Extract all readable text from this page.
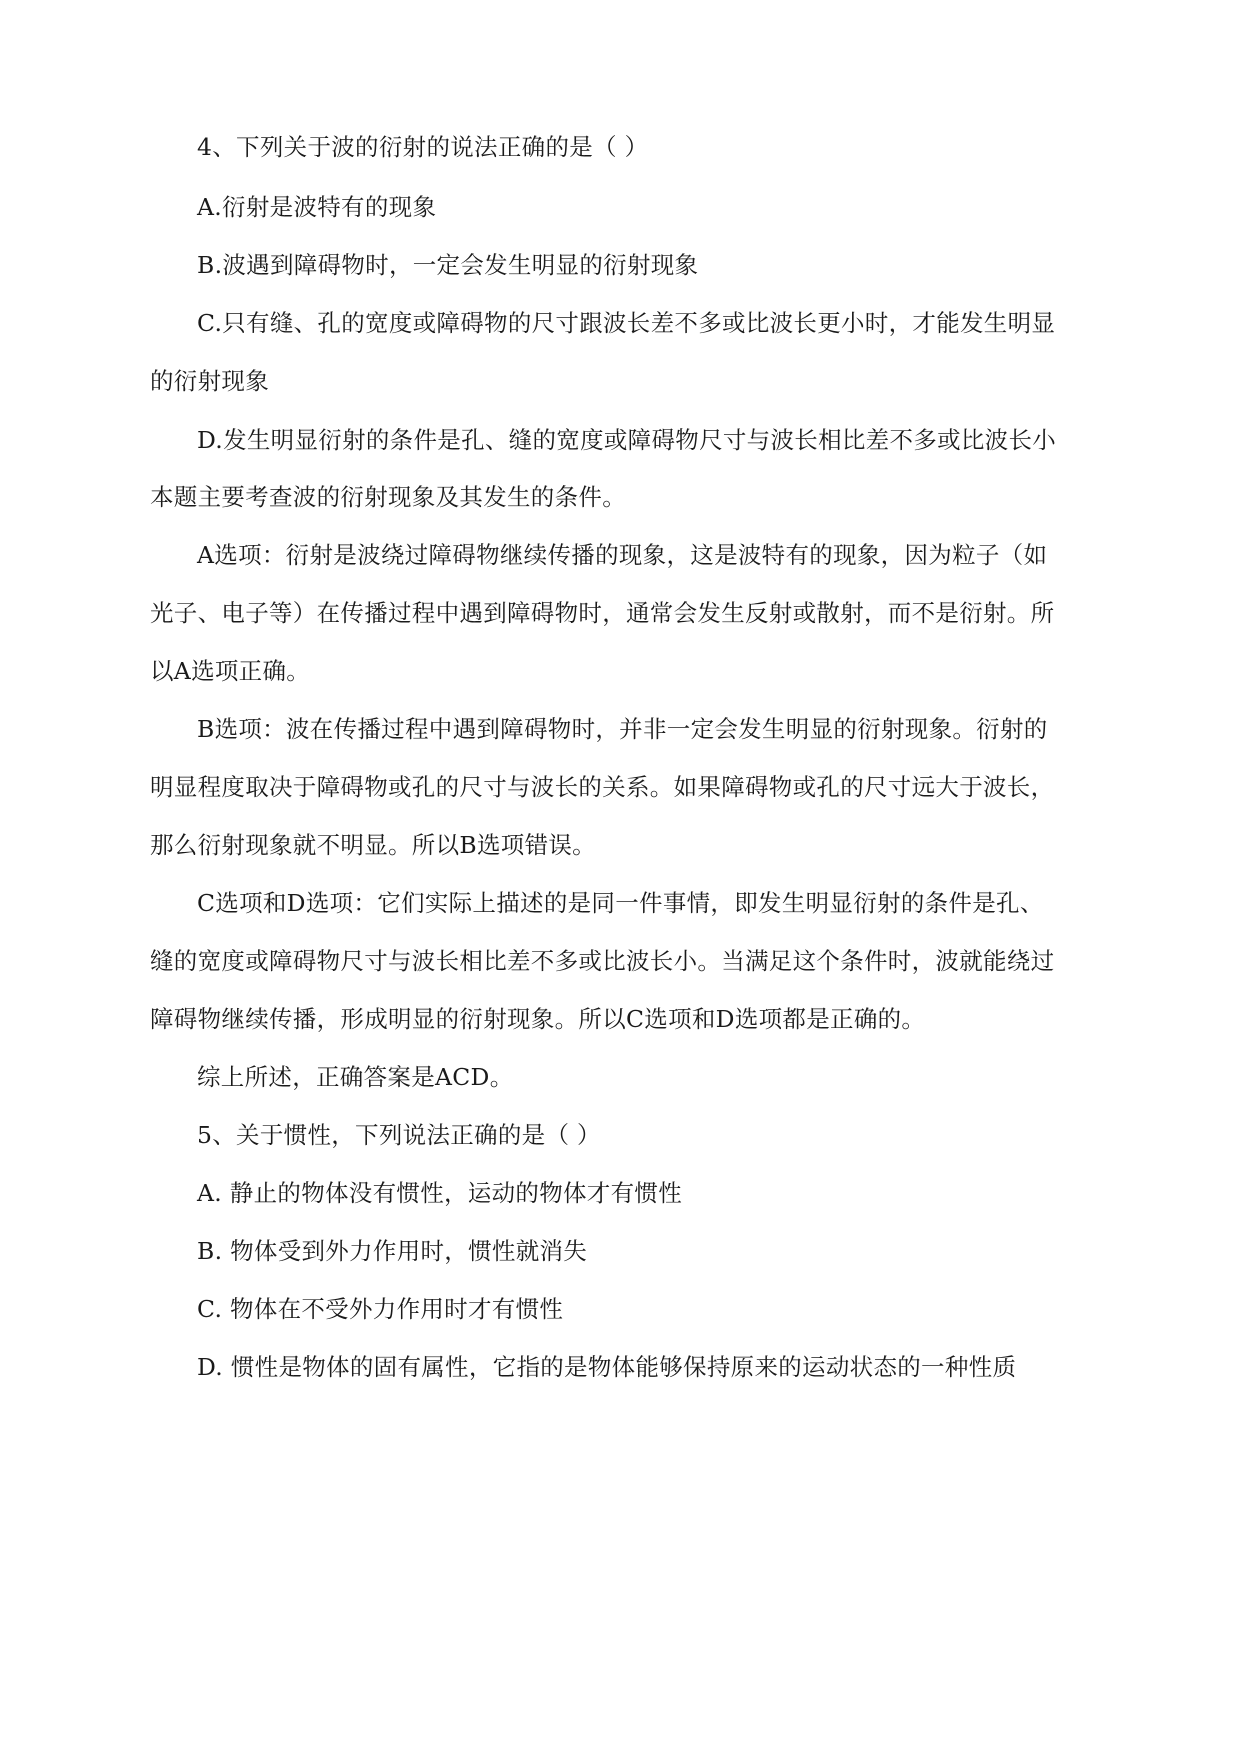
4、下列关于波的衍射的说法正确的是（ ）
A.衍射是波特有的现象
B.波遇到障碍物时，一定会发生明显的衍射现象
C.只有缝、孔的宽度或障碍物的尺寸跟波长差不多或比波长更小时，才能发生明显
的衍射现象
D.发生明显衍射的条件是孔、缝的宽度或障碍物尺寸与波长相比差不多或比波长小
本题主要考查波的衍射现象及其发生的条件。
A选项：衍射是波绕过障碍物继续传播的现象，这是波特有的现象，因为粒子（如
光子、电子等）在传播过程中遇到障碍物时，通常会发生反射或散射，而不是衍射。所
以A选项正确。
B选项：波在传播过程中遇到障碍物时，并非一定会发生明显的衍射现象。衍射的
明显程度取决于障碍物或孔的尺寸与波长的关系。如果障碍物或孔的尺寸远大于波长，
那么衍射现象就不明显。所以B选项错误。
C选项和D选项：它们实际上描述的是同一件事情，即发生明显衍射的条件是孔、
缝的宽度或障碍物尺寸与波长相比差不多或比波长小。当满足这个条件时，波就能绕过
障碍物继续传播，形成明显的衍射现象。所以C选项和D选项都是正确的。
综上所述，正确答案是ACD。
5、关于惯性，下列说法正确的是（ ）
A. 静止的物体没有惯性，运动的物体才有惯性
B. 物体受到外力作用时，惯性就消失
C. 物体在不受外力作用时才有惯性
D. 惯性是物体的固有属性，它指的是物体能够保持原来的运动状态的一种性质
